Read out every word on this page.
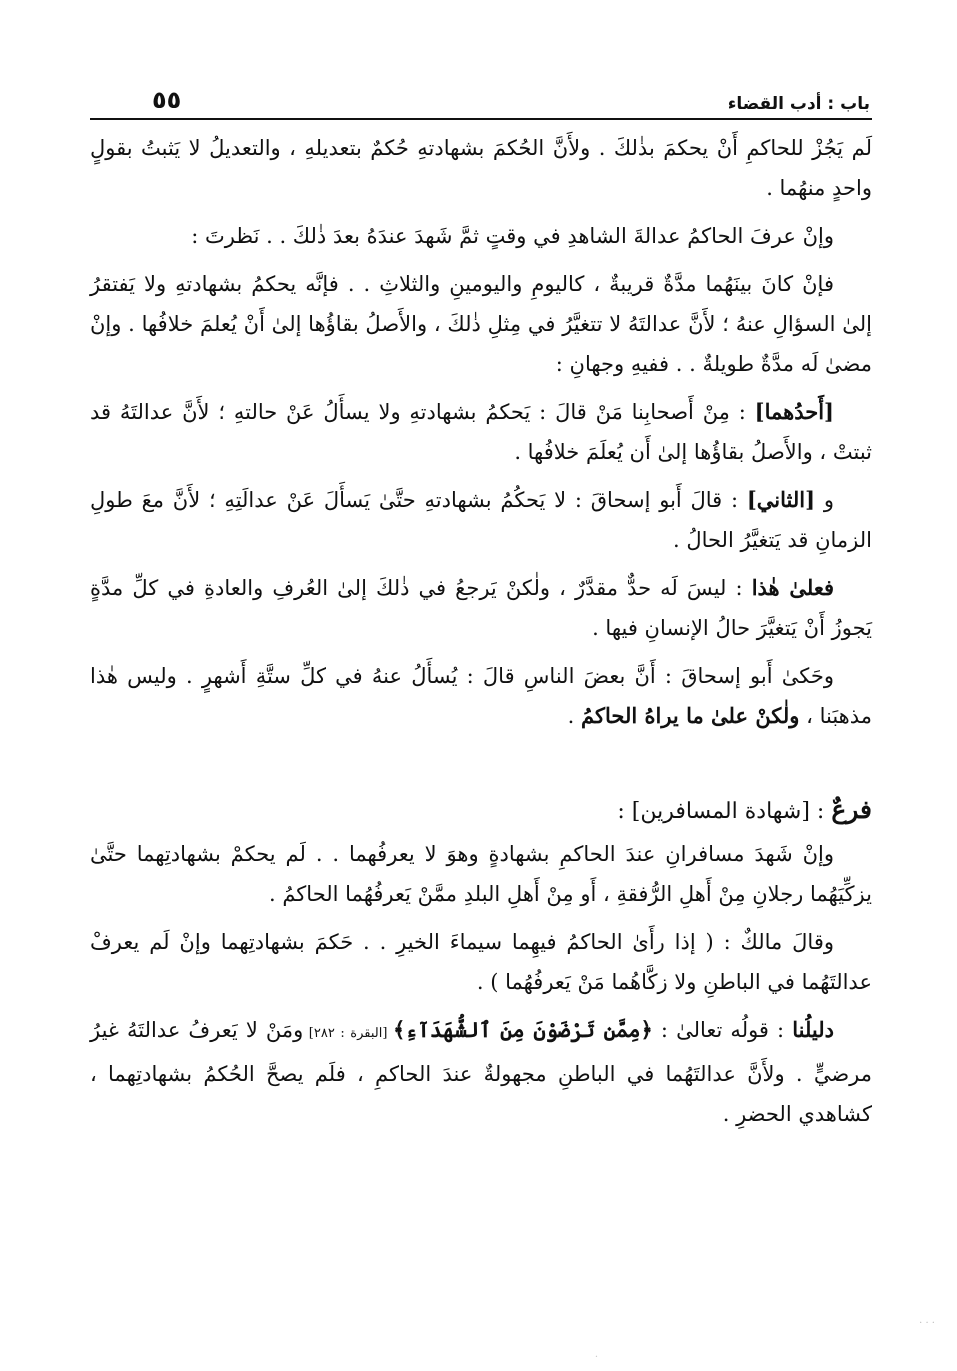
باب : أدب القضاء
٥٥

لَم يَجُزْ للحاكمِ أَنْ يحكمَ بذٰلكَ . ولأَنَّ الحُكمَ بشهادتهِ حُكمٌ بتعديلهِ ، والتعديلُ لا يَثبتُ بقولٍ واحدٍ منهُما .

وإنْ عرفَ الحاكمُ عدالةَ الشاهدِ في وقتٍ ثمَّ شَهدَ عندَهُ بعدَ ذٰلكَ . . نَظرتَ :

فإنْ كانَ بينَهُما مدَّةٌ قريبةٌ ، كاليومِ واليومينِ والثلاثِ . . فإنَّه يحكمُ بشهادتهِ ولا يَفتقرُ إلىٰ السؤالِ عنهُ ؛ لأَنَّ عدالتَهُ لا تتغيَّرُ في مِثلِ ذٰلكَ ، والأَصلُ بقاؤُها إلىٰ أَنْ يُعلمَ خلافُها . وإنْ مضىٰ لَه مدَّةٌ طويلةٌ . . ففيهِ وجهانِ :

[أَحدُهما] : مِنْ أَصحابِنا مَنْ قالَ : يَحكمُ بشهادتهِ ولا يسأَلُ عَنْ حالتهِ ؛ لأَنَّ عدالتَهُ قد ثبتتْ ، والأَصلُ بقاؤُها إلىٰ أَن يُعلَمَ خلافُها .

و [الثاني] : قالَ أَبو إسحاقَ : لا يَحكُمُ بشهادتهِ حتَّىٰ يَسأَلَ عَنْ عدالَتِهِ ؛ لأَنَّ معَ طولِ الزمانِ قد يَتغيَّرُ الحالُ .

فعلىٰ هٰذا : ليسَ لَه حدٌّ مقدَّرٌ ، ولٰكنْ يَرجعُ في ذٰلكَ إلىٰ العُرفِ والعادةِ في كلِّ مدَّةٍ يَجوزُ أَنْ يَتغيَّرَ حالُ الإنسانِ فيها .

وحَكىٰ أَبو إسحاقَ : أَنَّ بعضَ الناسِ قالَ : يُسأَلُ عنهُ في كلِّ ستَّةِ أَشهرٍ . وليس هٰذا مذهبَنا ، ولٰكنْ علىٰ ما يراهُ الحاكمُ .

فرعٌ : [شهادة المسافرين] :

وإنْ شَهدَ مسافرانِ عندَ الحاكمِ بشهادةٍ وهوَ لا يعرفُهما . . لَم يحكمْ بشهادتِهما حتَّىٰ يزكِّيَهُما رجلانِ مِنْ أَهلِ الرُّفقةِ ، أَو مِنْ أَهلِ البلدِ ممَّنْ يَعرفُهُما الحاكمُ .

وقالَ مالكٌ : ( إذا رأَىٰ الحاكمُ فيهِما سيماءَ الخيرِ . . حَكمَ بشهادتِهما وإنْ لَم يعرفْ عدالتَهُما في الباطنِ ولا زكَّاهُما مَنْ يَعرفُهُما ) .

دليلُنا : قولُه تعالىٰ : ﴿مِمَّن تَرْضَوْنَ مِنَ ٱلشُّهَدَآءِ﴾ [البقرة : ٢٨٢] ومَنْ لا يَعرفُ عدالتَهُ غيرُ مرضيٍّ . ولأَنَّ عدالتَهُما في الباطنِ مجهولةٌ عندَ الحاكمِ ، فلَم يصحَّ الحُكمُ بشهادتِهما ، كشاهدي الحضرِ .

· · ·
·
